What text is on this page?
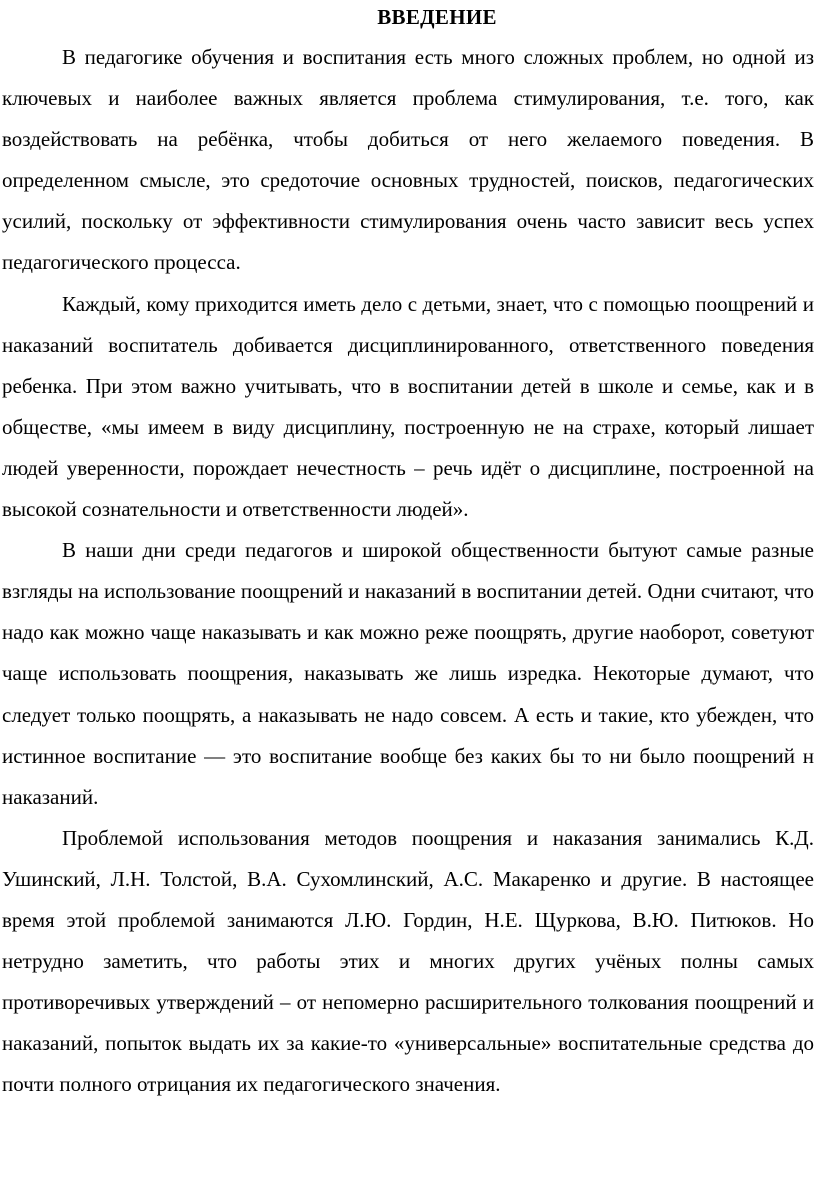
ВВЕДЕНИЕ

В педагогике обучения и воспитания есть много сложных проблем, но одной из ключевых и наиболее важных является проблема стимулирования, т.е. того, как воздействовать на ребёнка, чтобы добиться от него желаемого поведения. В определенном смысле, это средоточие основных трудностей, поисков, педагогических усилий, поскольку от эффективности стимулирования очень часто зависит весь успех педагогического процесса.

Каждый, кому приходится иметь дело с детьми, знает, что с помощью поощрений и наказаний воспитатель добивается дисциплинированного, ответственного поведения ребенка. При этом важно учитывать, что в воспитании детей в школе и семье, как и в обществе, «мы имеем в виду дисциплину, построенную не на страхе, который лишает людей уверенности, порождает нечестность – речь идёт о дисциплине, построенной на высокой сознательности и ответственности людей».

В наши дни среди педагогов и широкой общественности бытуют самые разные взгляды на использование поощрений и наказаний в воспитании детей. Одни считают, что надо как можно чаще наказывать и как можно реже поощрять, другие наоборот, советуют чаще использовать поощрения, наказывать же лишь изредка. Некоторые думают, что следует только поощрять, а наказывать не надо совсем. А есть и такие, кто убежден, что истинное воспитание — это воспитание вообще без каких бы то ни было поощрений н наказаний.

Проблемой использования методов поощрения и наказания занимались К.Д. Ушинский, Л.Н. Толстой, В.А. Сухомлинский, А.С. Макаренко и другие. В настоящее время этой проблемой занимаются Л.Ю. Гордин, Н.Е. Щуркова, В.Ю. Питюков. Но нетрудно заметить, что работы этих и многих других учёных полны самых противоречивых утверждений – от непомерно расширительного толкования поощрений и наказаний, попыток выдать их за какие-то «универсальные» воспитательные средства до почти полного отрицания их педагогического значения.
